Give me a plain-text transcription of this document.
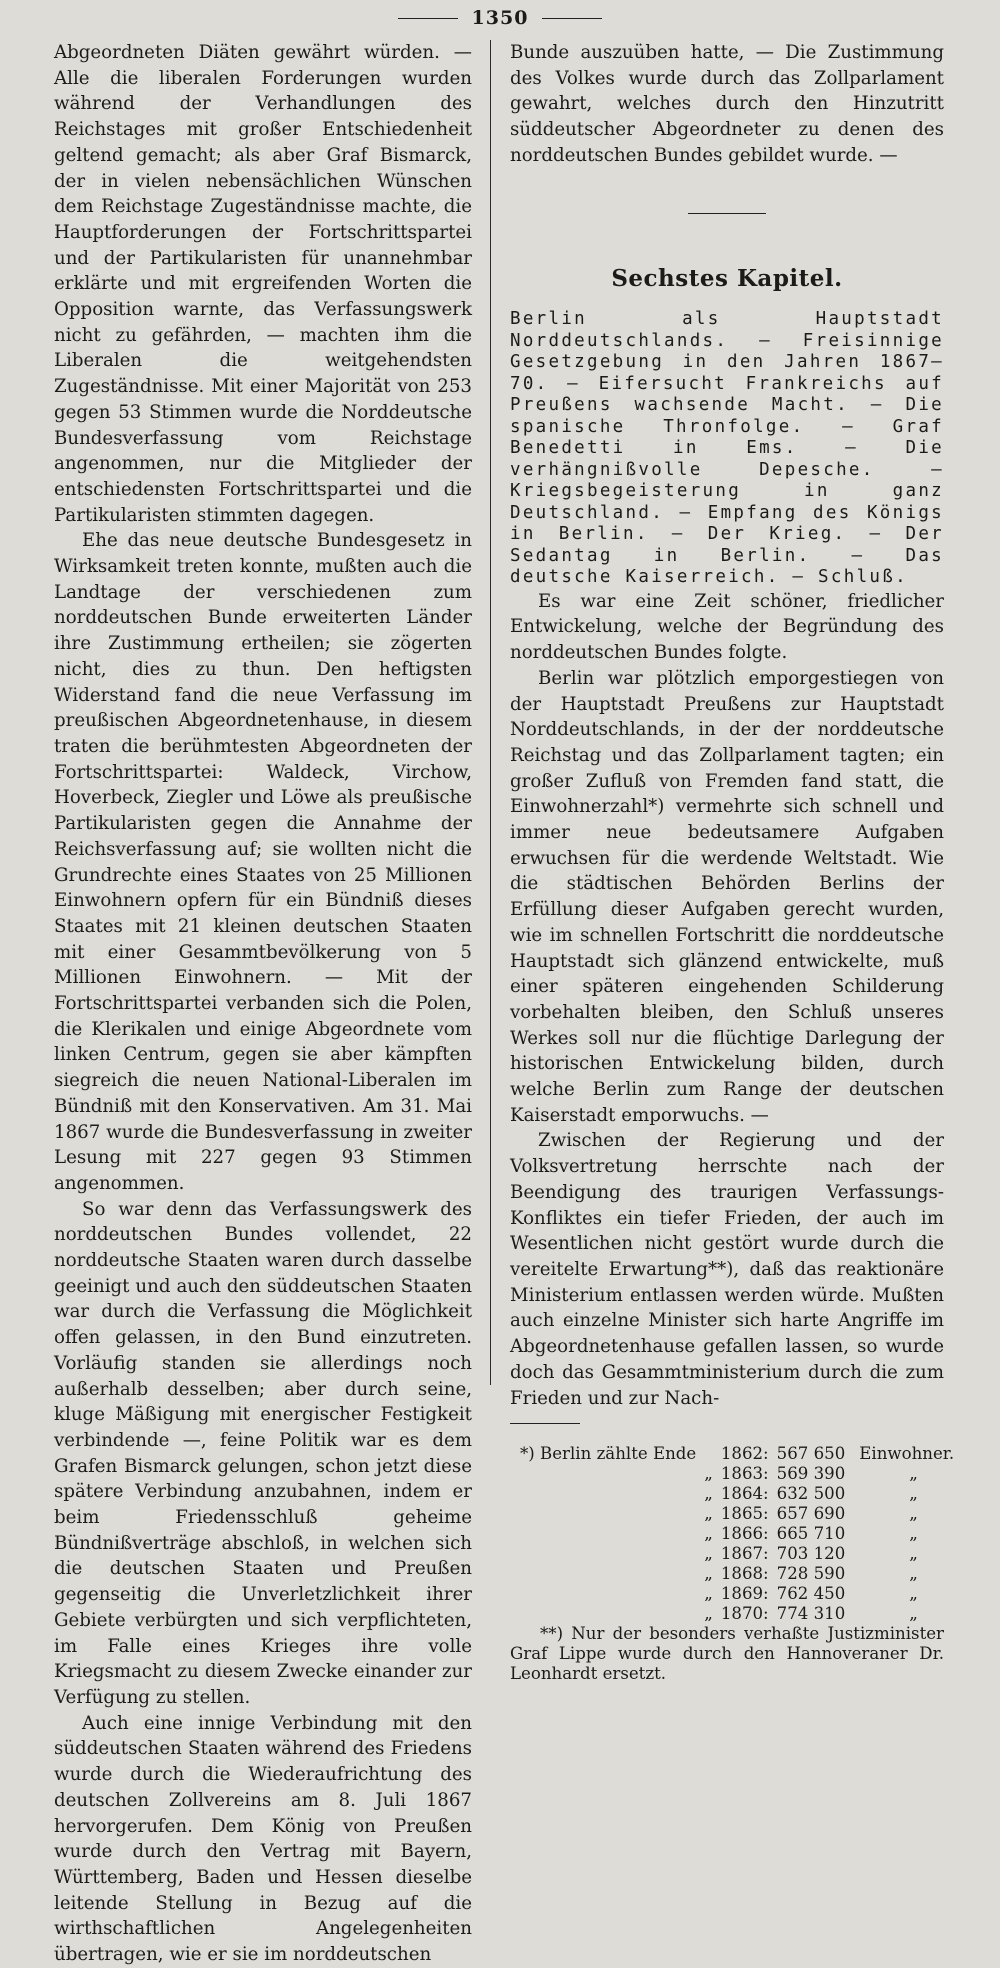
1350

Abgeordneten Diäten gewährt würden. — Alle die liberalen Forderungen wurden während der Verhandlungen des Reichstages mit großer Entschiedenheit geltend gemacht; als aber Graf Bismarck, der in vielen nebensächlichen Wünschen dem Reichstage Zugeständnisse machte, die Hauptforderungen der Fortschrittspartei und der Partikularisten für unannehmbar erklärte und mit ergreifenden Worten die Opposition warnte, das Verfassungswerk nicht zu gefährden, — machten ihm die Liberalen die weitgehendsten Zugeständnisse. Mit einer Majorität von 253 gegen 53 Stimmen wurde die Norddeutsche Bundesverfassung vom Reichstage angenommen, nur die Mitglieder der entschiedensten Fortschrittspartei und die Partikularisten stimmten dagegen.

Ehe das neue deutsche Bundesgesetz in Wirksamkeit treten konnte, mußten auch die Landtage der verschiedenen zum norddeutschen Bunde erweiterten Länder ihre Zustimmung ertheilen; sie zögerten nicht, dies zu thun. Den heftigsten Widerstand fand die neue Verfassung im preußischen Abgeordnetenhause, in diesem traten die berühmtesten Abgeordneten der Fortschrittspartei: Waldeck, Virchow, Hoverbeck, Ziegler und Löwe als preußische Partikularisten gegen die Annahme der Reichsverfassung auf; sie wollten nicht die Grundrechte eines Staates von 25 Millionen Einwohnern opfern für ein Bündniß dieses Staates mit 21 kleinen deutschen Staaten mit einer Gesammtbevölkerung von 5 Millionen Einwohnern. — Mit der Fortschrittspartei verbanden sich die Polen, die Klerikalen und einige Abgeordnete vom linken Centrum, gegen sie aber kämpften siegreich die neuen National-Liberalen im Bündniß mit den Konservativen. Am 31. Mai 1867 wurde die Bundesverfassung in zweiter Lesung mit 227 gegen 93 Stimmen angenommen.

So war denn das Verfassungswerk des norddeutschen Bundes vollendet, 22 norddeutsche Staaten waren durch dasselbe geeinigt und auch den süddeutschen Staaten war durch die Verfassung die Möglichkeit offen gelassen, in den Bund einzutreten. Vorläufig standen sie allerdings noch außerhalb desselben; aber durch seine, kluge Mäßigung mit energischer Festigkeit verbindende —, feine Politik war es dem Grafen Bismarck gelungen, schon jetzt diese spätere Verbindung anzubahnen, indem er beim Friedensschluß geheime Bündnißverträge abschloß, in welchen sich die deutschen Staaten und Preußen gegenseitig die Unverletzlichkeit ihrer Gebiete verbürgten und sich verpflichteten, im Falle eines Krieges ihre volle Kriegsmacht zu diesem Zwecke einander zur Verfügung zu stellen.

Auch eine innige Verbindung mit den süddeutschen Staaten während des Friedens wurde durch die Wiederaufrichtung des deutschen Zollvereins am 8. Juli 1867 hervorgerufen. Dem König von Preußen wurde durch den Vertrag mit Bayern, Württemberg, Baden und Hessen dieselbe leitende Stellung in Bezug auf die wirthschaftlichen Angelegenheiten übertragen, wie er sie im norddeutschen

Bunde auszuüben hatte, — Die Zustimmung des Volkes wurde durch das Zollparlament gewahrt, welches durch den Hinzutritt süddeutscher Abgeordneter zu denen des norddeutschen Bundes gebildet wurde. —

Sechstes Kapitel.

Berlin als Hauptstadt Norddeutschlands. — Freisinnige Gesetzgebung in den Jahren 1867—70. — Eifersucht Frankreichs auf Preußens wachsende Macht. — Die spanische Thronfolge. — Graf Benedetti in Ems. — Die verhängnißvolle Depesche. — Kriegsbegeisterung in ganz Deutschland. — Empfang des Königs in Berlin. — Der Krieg. — Der Sedantag in Berlin. — Das deutsche Kaiserreich. — Schluß.

Es war eine Zeit schöner, friedlicher Entwickelung, welche der Begründung des norddeutschen Bundes folgte.

Berlin war plötzlich emporgestiegen von der Hauptstadt Preußens zur Hauptstadt Norddeutschlands, in der der norddeutsche Reichstag und das Zollparlament tagten; ein großer Zufluß von Fremden fand statt, die Einwohnerzahl*) vermehrte sich schnell und immer neue bedeutsamere Aufgaben erwuchsen für die werdende Weltstadt. Wie die städtischen Behörden Berlins der Erfüllung dieser Aufgaben gerecht wurden, wie im schnellen Fortschritt die norddeutsche Hauptstadt sich glänzend entwickelte, muß einer späteren eingehenden Schilderung vorbehalten bleiben, den Schluß unseres Werkes soll nur die flüchtige Darlegung der historischen Entwickelung bilden, durch welche Berlin zum Range der deutschen Kaiserstadt emporwuchs. —

Zwischen der Regierung und der Volksvertretung herrschte nach der Beendigung des traurigen Verfassungs-Konfliktes ein tiefer Frieden, der auch im Wesentlichen nicht gestört wurde durch die vereitelte Erwartung**), daß das reaktionäre Ministerium entlassen werden würde. Mußten auch einzelne Minister sich harte Angriffe im Abgeordnetenhause gefallen lassen, so wurde doch das Gesammtministerium durch die zum Frieden und zur Nach-

*) Berlin zählte Ende		1862:	567 650	Einwohner.
	„	1863:	569 390	„
	„	1864:	632 500	„
	„	1865:	657 690	„
	„	1866:	665 710	„
	„	1867:	703 120	„
	„	1868:	728 590	„
	„	1869:	762 450	„
	„	1870:	774 310	„

**) Nur der besonders verhaßte Justizminister Graf Lippe wurde durch den Hannoveraner Dr. Leonhardt ersetzt.
